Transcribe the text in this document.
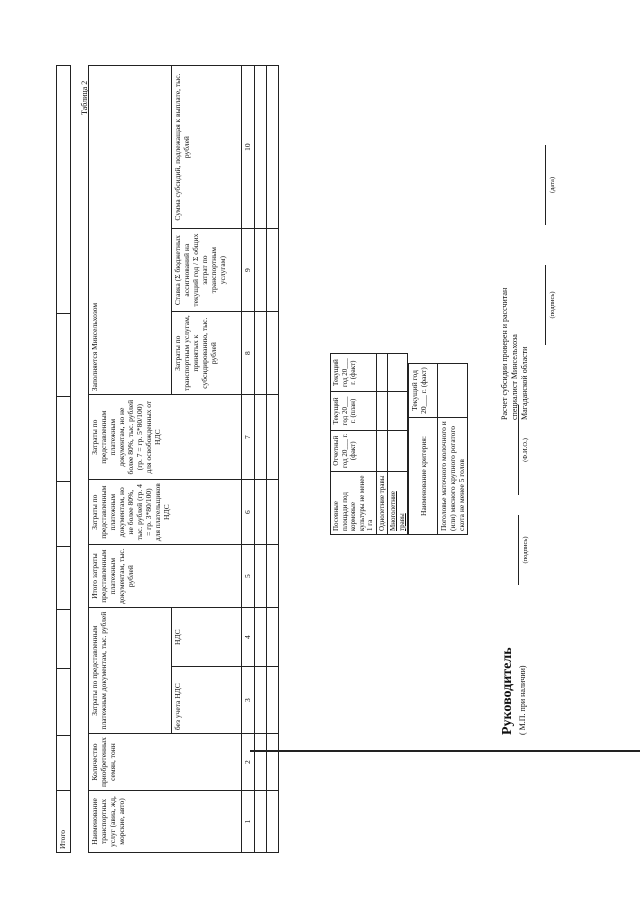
Итого								
Таблица 2
Наименование транспортных услуг (авиа, жд, морские, авто)	Количество приобретенных семян, тонн	Затраты по представленным платежным документам, тыс. рублей		Итого затраты представленным платежным документам, тыс. рублей	Затраты по представленным платежным документам, но не более 80%, тыс. рублей (гр. 4 = гр. 3*80/100) для плательщиков НДС	Затраты по представленным платежным документам, но не более 80%, тыс. рублей (гр. 7 = гр. 5*80/100) для освобожденных от НДС	Заполняется Минсельхозом		
		без учета НДС	НДС				Затраты по транспортным услугам, принятых к субсидированию, тыс. рублей	Ставка (Σ бюджетных ассигнований на текущий год / Σ общих затрат по транспортным услугам)	Сумма субсидий, подлежащая к выплате, тыс. рублей

1	2	3	4	5	6	7	8	9	10

Посевные площади под кормовые культуры не менее 1 га	Отчетный год 20___ г. (факт)	Текущий год 20___ г. (план)	Текущий год 20___ г. (факт)
Однолетние травы			
Многолетние травы			
Наименование критерия:	Текущий год 20___ г. (факт)
Поголовье маточного молочного и (или) мясного крупного рогатого скота не менее 5 голов	
Руководитель ( М.П. при наличии)
(подпись)
(Ф.И.О.)
Расчет субсидии проверен и рассчитан специалист Минсельхоза Магаданской области
(подпись)
(дата)
